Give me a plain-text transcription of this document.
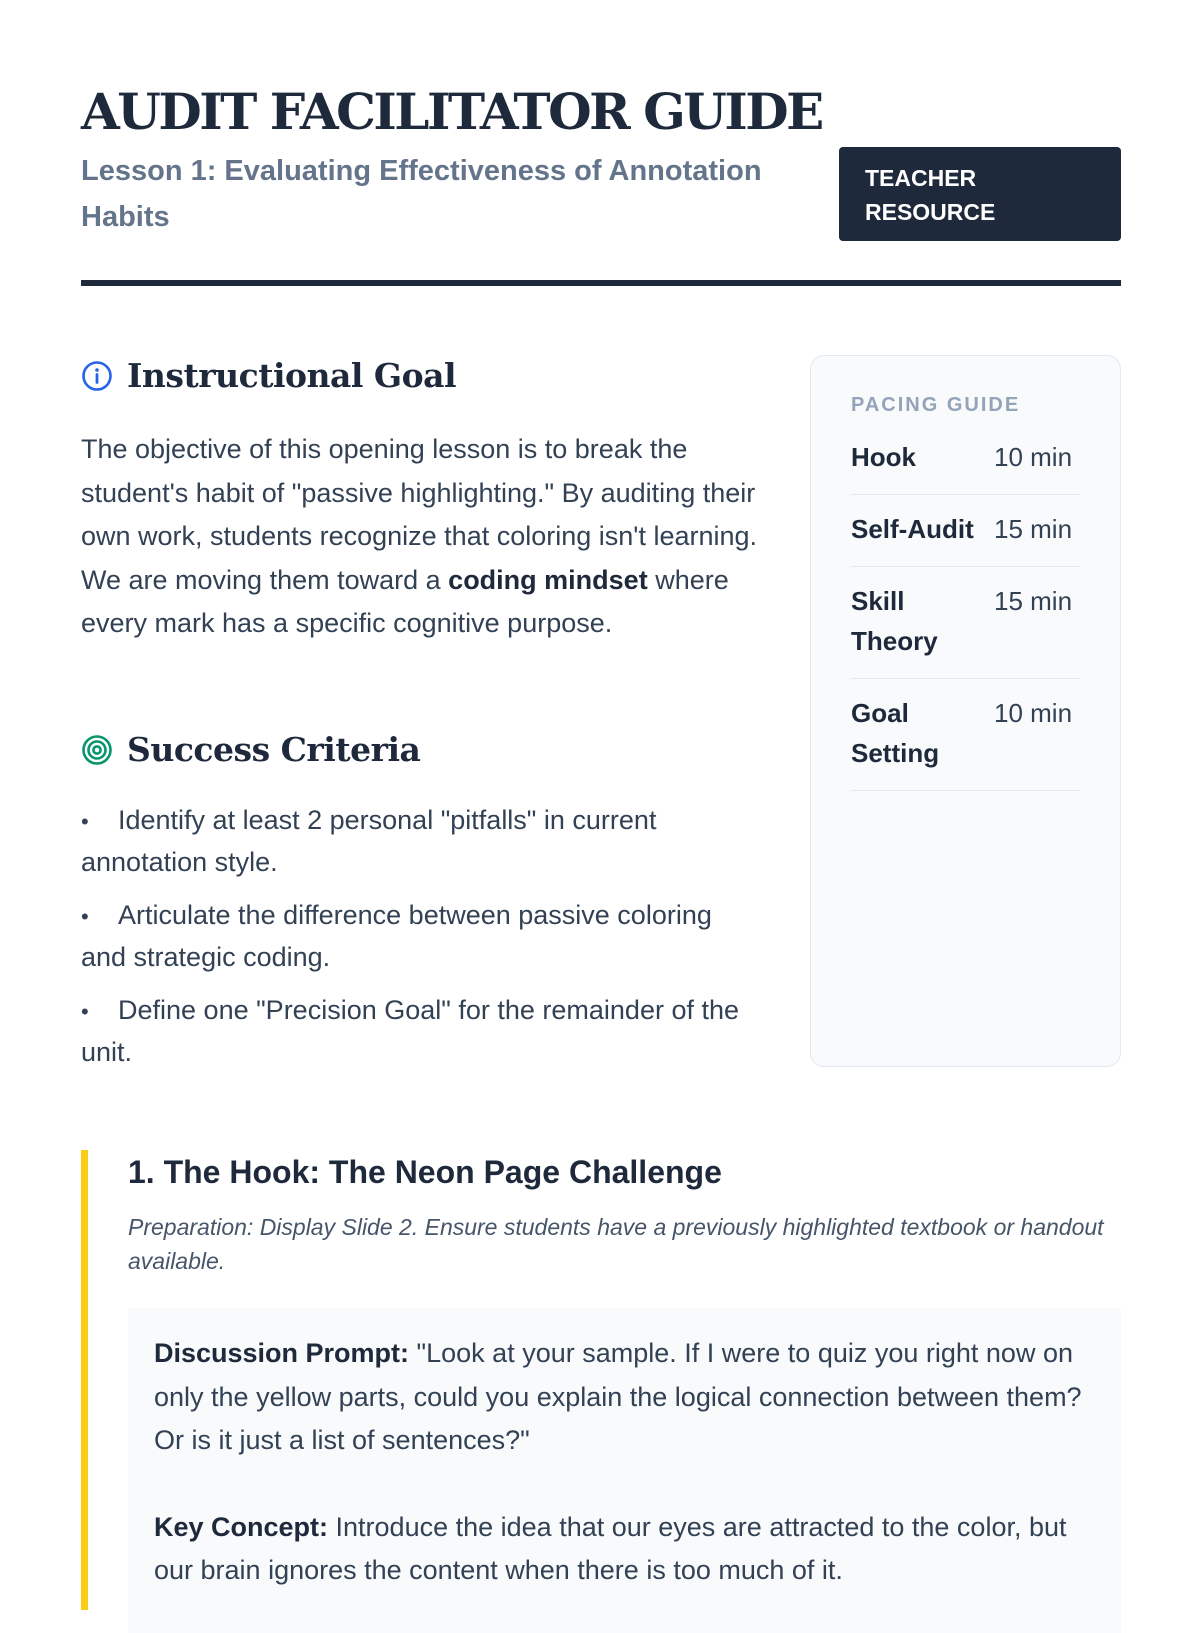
AUDIT FACILITATOR GUIDE

Lesson 1: Evaluating Effectiveness of Annotation Habits

TEACHER RESOURCE
Instructional Goal

The objective of this opening lesson is to break the student's habit of "passive highlighting." By auditing their own work, students recognize that coloring isn't learning. We are moving them toward a coding mindset where every mark has a specific cognitive purpose.

Success Criteria
• Identify at least 2 personal "pitfalls" in current annotation style.
• Articulate the difference between passive coloring and strategic coding.
• Define one "Precision Goal" for the remainder of the unit.
PACING GUIDE
Hook	10 min
Self-Audit 15 min
Skill Theory
15 min
Goal Setting
10 min
1. The Hook: The Neon Page Challenge

Preparation: Display Slide 2. Ensure students have a previously highlighted textbook or handout available.

Discussion Prompt: "Look at your sample. If I were to quiz you right now on only the yellow parts, could you explain the logical connection between them? Or is it just a list of sentences?"

Key Concept: Introduce the idea that our eyes are attracted to the color, but our brain ignores the content when there is too much of it.
